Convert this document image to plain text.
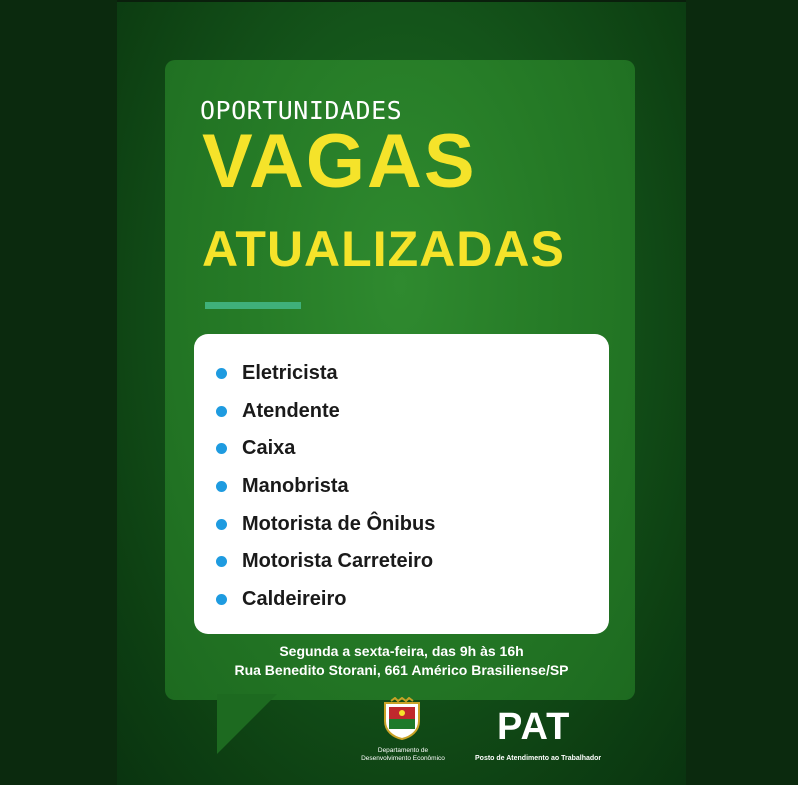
OPORTUNIDADES
VAGAS
ATUALIZADAS
Eletricista
Atendente
Caixa
Manobrista
Motorista de Ônibus
Motorista Carreteiro
Caldeireiro
Segunda a sexta-feira, das 9h às 16h
Rua Benedito Storani, 661 Américo Brasiliense/SP
Departamento de
Desenvolvimento Econômico
PAT
Posto de Atendimento ao Trabalhador
